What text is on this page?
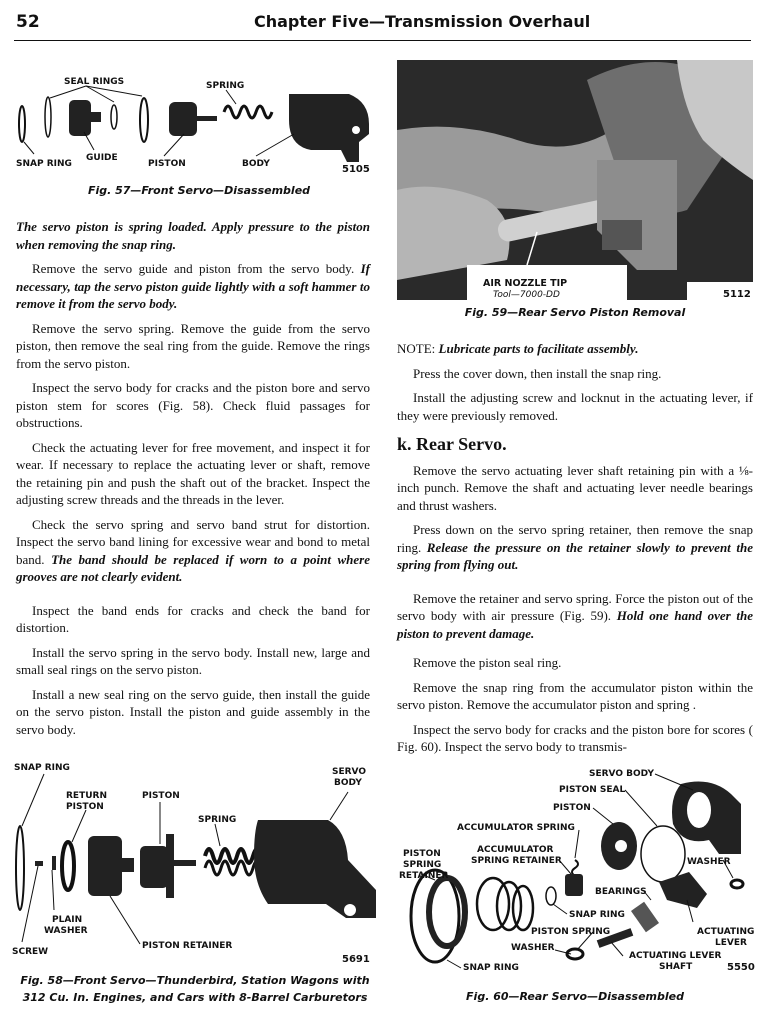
52	Chapter Five—Transmission Overhaul
SEAL RINGS	SPRING
SNAP RING
GUIDE
PISTON	BODY	5105
Fig. 57—Front Servo—Disassembled
AIR NOZZLE TIP
Tool—7000-DD	5112
Fig. 59—Rear Servo Piston Removal

The servo piston is spring loaded. Apply pressure to the piston when removing the snap ring.

Remove the servo guide and piston from the servo body. If necessary, tap the servo piston guide lightly with a soft hammer to remove it from the servo body.

Remove the servo spring. Remove the guide from the servo piston, then remove the seal ring from the guide. Remove the rings from the servo piston.

Inspect the servo body for cracks and the piston bore and servo piston stem for scores (Fig. 58). Check fluid passages for obstructions.

Check the actuating lever for free movement, and inspect it for wear. If necessary to replace the actuating lever or shaft, remove the retaining pin and push the shaft out of the bracket. Inspect the adjusting screw threads and the threads in the lever.

Check the servo spring and servo band strut for distortion. Inspect the servo band lining for excessive wear and bond to metal band. The band should be replaced if worn to a point where grooves are not clearly evident.

Inspect the band ends for cracks and check the band for distortion.

Install the servo spring in the servo body. Install new, large and small seal rings on the servo piston.

Install a new seal ring on the servo guide, then install the guide on the servo piston. Install the piston and guide assembly in the servo body.

NOTE: Lubricate parts to facilitate assembly.

Press the cover down, then install the snap ring.

Install the adjusting screw and locknut in the actuating lever, if they were previously removed.

k. Rear Servo.

Remove the servo actuating lever shaft retaining pin with a ⅛-inch punch. Remove the shaft and actuating lever needle bearings and thrust washers.

Press down on the servo spring retainer, then remove the snap ring. Release the pressure on the retainer slowly to prevent the spring from flying out.

Remove the retainer and servo spring. Force the piston out of the servo body with air pressure (Fig. 59). Hold one hand over the piston to prevent damage.

Remove the piston seal ring.

Remove the snap ring from the accumulator piston within the servo piston. Remove the accumulator piston and spring .

Inspect the servo body for cracks and the piston bore for scores ( Fig. 60). Inspect the servo body to transmis-

SNAP RING
RETURN
PISTON
PISTON
SERVO
BODY
SPRING
PLAIN
WASHER
SCREW
PISTON RETAINER
5691
Fig. 58—Front Servo—Thunderbird, Station Wagons with
312 Cu. In. Engines, and Cars with 8-Barrel Carburetors
SERVO BODY
PISTON SEAL
PISTON
ACCUMULATOR SPRING
ACCUMULATOR
SPRING RETAINER
PISTON
SPRING
RETAINER
WASHER
BEARINGS
SNAP RING
PISTON SPRING	ACTUATING
LEVER
WASHER
ACTUATING LEVER
SHAFT
SNAP RING	5550
Fig. 60—Rear Servo—Disassembled
